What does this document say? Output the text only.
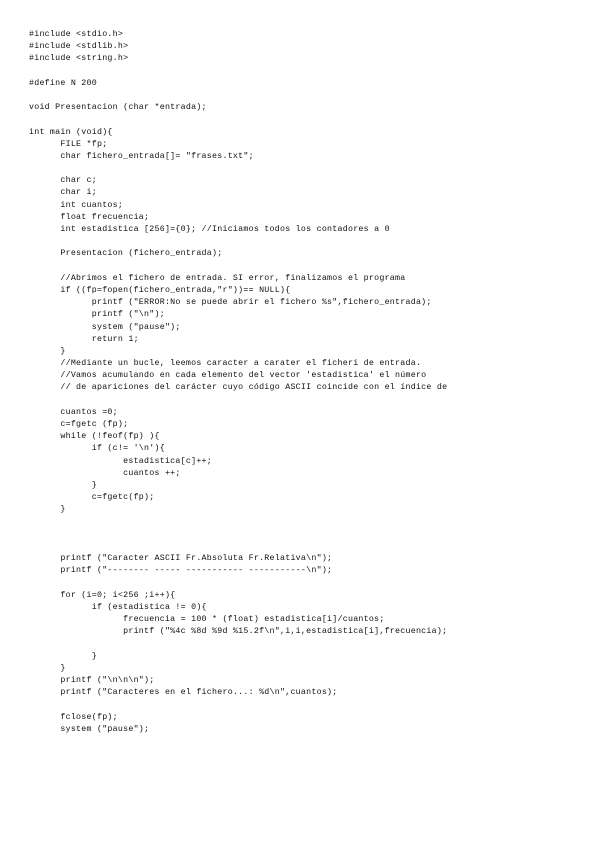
#include <stdio.h>
#include <stdlib.h>
#include <string.h>
#define N 200
void Presentacion (char *entrada);
int main (void){
FILE *fp;
char fichero_entrada[]= "frases.txt";
char c;
char i;
int cuantos;
float frecuencia;
int estadistica [256]={0}; //Iniciamos todos los contadores a 0
Presentacion (fichero_entrada);
//Abrimos el fichero de entrada. SI error, finalizamos el programa
if ((fp=fopen(fichero_entrada,"r"))== NULL){
printf ("ERROR:No se puede abrir el fichero %s",fichero_entrada);
printf ("\n");
system ("pause");
return 1;
}
//Mediante un bucle, leemos caracter a carater el ficheri de entrada.
//Vamos acumulando en cada elemento del vector 'estadistica' el número
// de apariciones del carácter cuyo código ASCII coincide con el índice de
cuantos =0;
c=fgetc (fp);
while (!feof(fp) ){
if (c!= '\n'){
estadistica[c]++;
cuantos ++;
}
c=fgetc(fp);
}
printf ("Caracter ASCII Fr.Absoluta Fr.Relativa\n");
printf ("-------- ----- ----------- -----------\n");
for (i=0; i<256 ;i++){
if (estadistica != 0){
frecuencia = 100 * (float) estadistica[i]/cuantos;
printf ("%4c %8d %9d %15.2f\n",i,i,estadistica[i],frecuencia);
}
}
printf ("\n\n\n");
printf ("Caracteres en el fichero...: %d\n",cuantos);
fclose(fp);
system ("pause");
